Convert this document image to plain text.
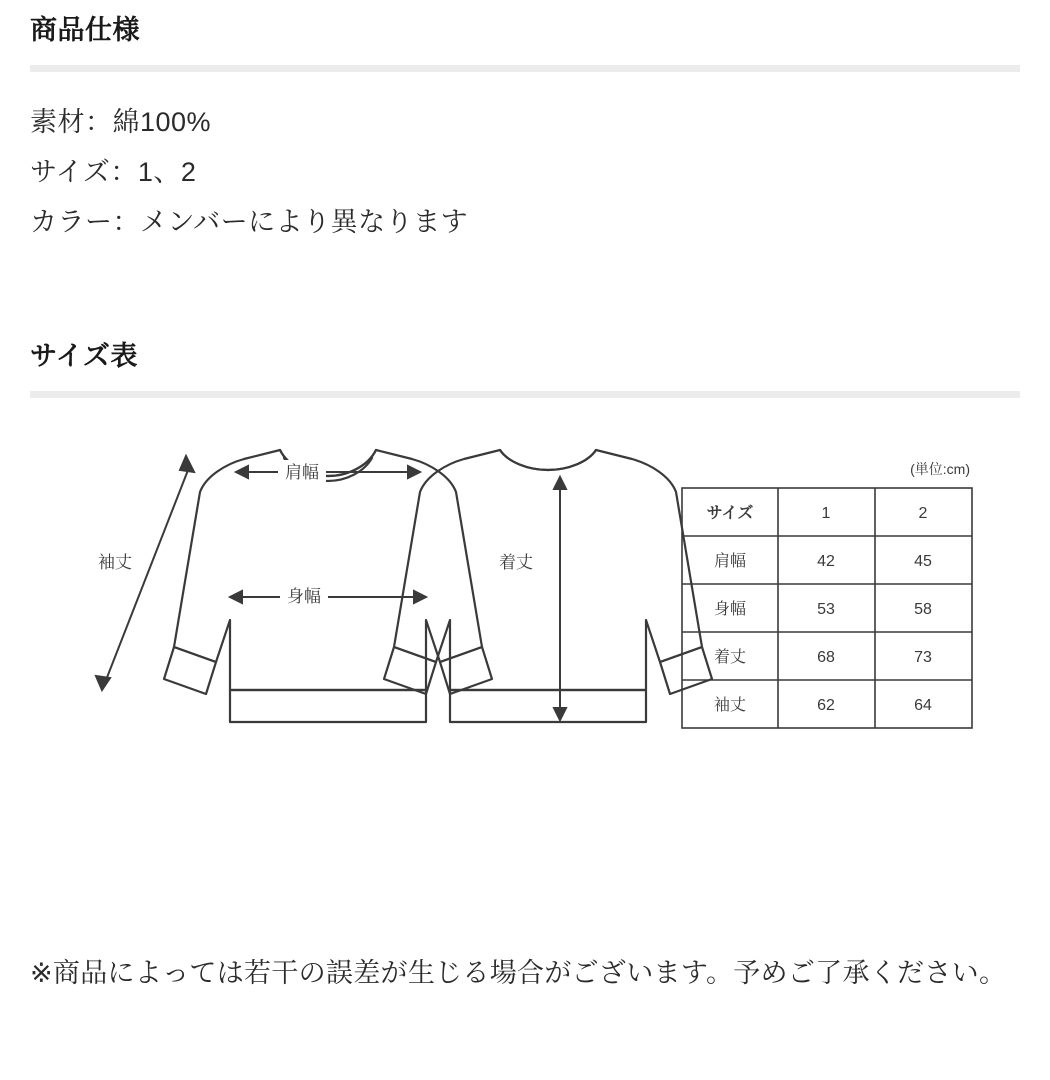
商品仕様
素材：綿100%
サイズ：1、2
カラー：メンバーにより異なります
サイズ表
肩幅
身幅
着丈
袖丈
(単位:cm)
サイズ	1	2
肩幅	42	45
身幅	53	58
着丈	68	73
袖丈	62	64
※商品によっては若干の誤差が生じる場合がございます。予めご了承ください。
